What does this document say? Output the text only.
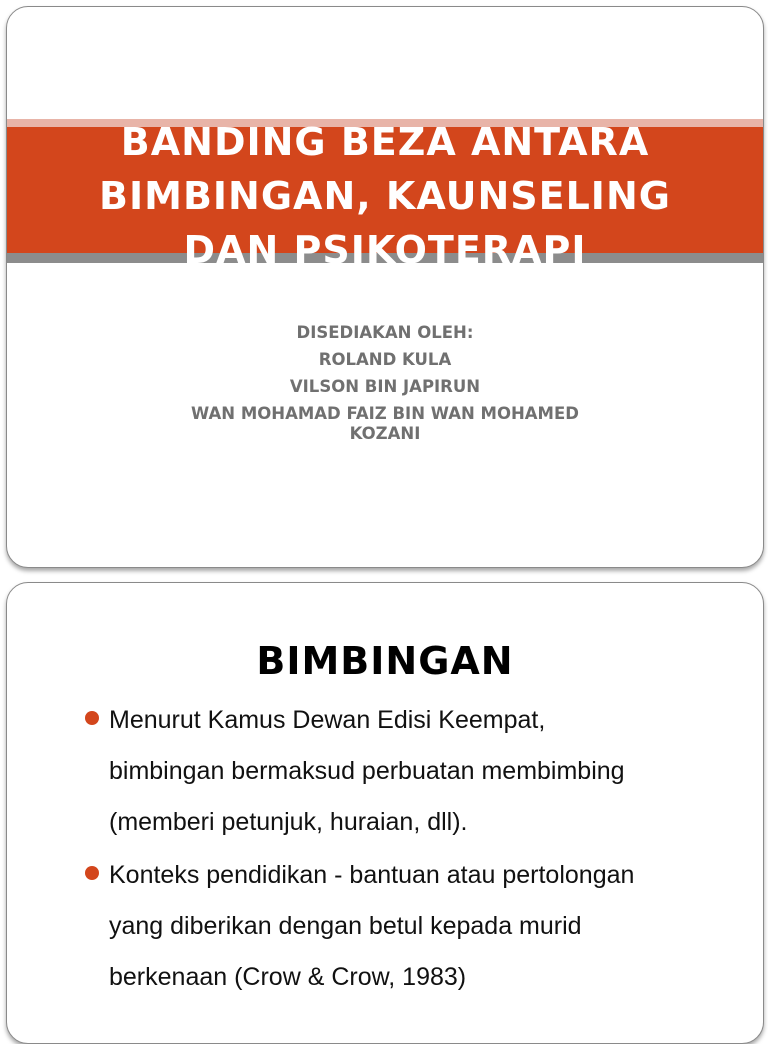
BANDING BEZA ANTARA
BIMBINGAN, KAUNSELING
DAN PSIKOTERAPI
DISEDIAKAN OLEH:
ROLAND KULA
VILSON BIN JAPIRUN
WAN MOHAMAD FAIZ BIN WAN MOHAMED
KOZANI
BIMBINGAN
Menurut Kamus Dewan Edisi Keempat,
bimbingan bermaksud perbuatan membimbing
(memberi petunjuk, huraian, dll).
Konteks pendidikan - bantuan atau pertolongan
yang diberikan dengan betul kepada murid
berkenaan (Crow & Crow, 1983)
